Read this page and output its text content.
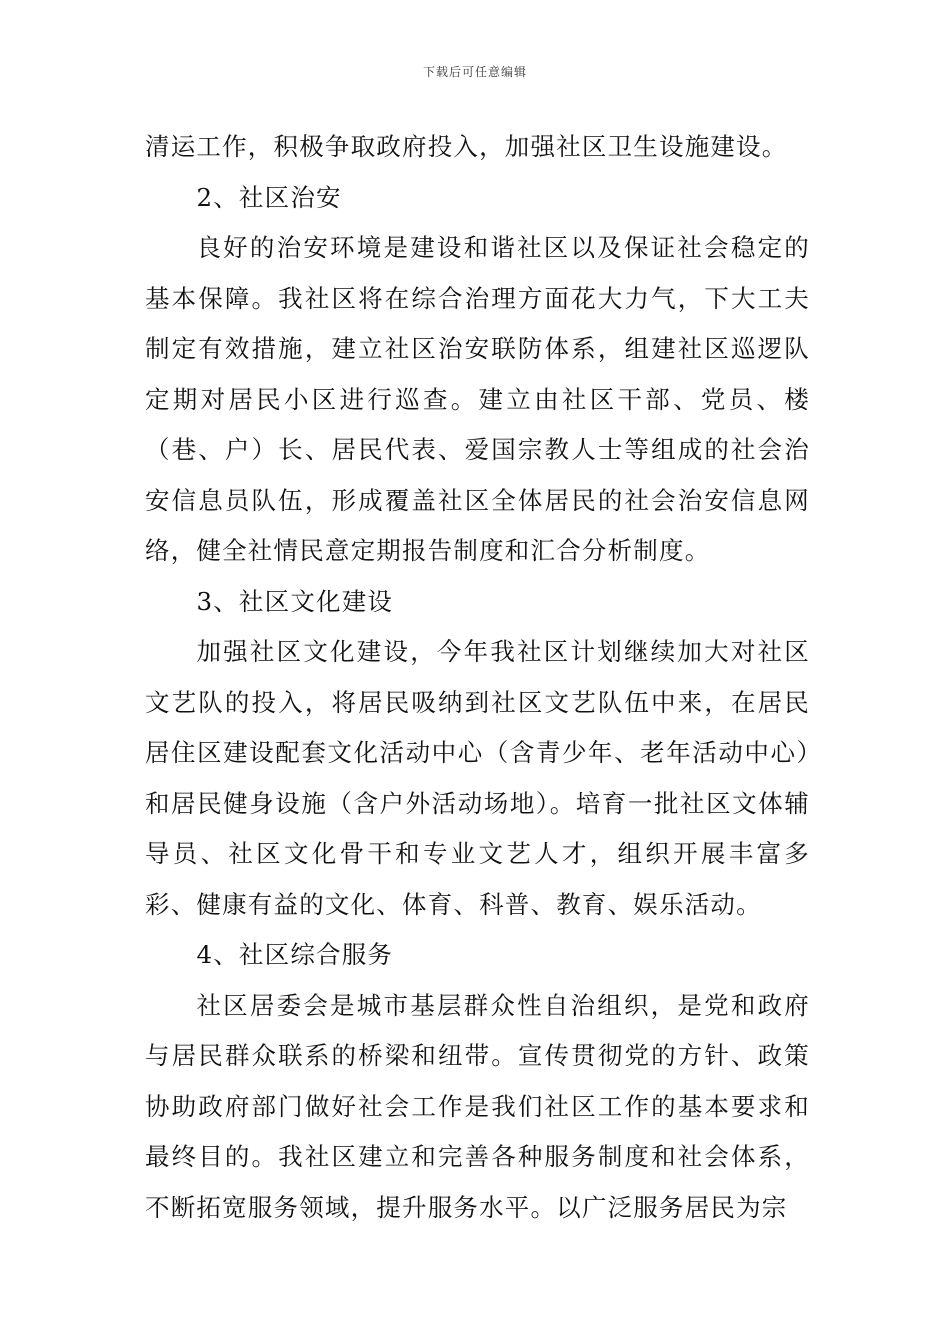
下载后可任意编辑

清运工作，积极争取政府投入，加强社区卫生设施建设。

2、社区治安

良好的治安环境是建设和谐社区以及保证社会稳定的基本保障。我社区将在综合治理方面花大力气，下大工夫制定有效措施，建立社区治安联防体系，组建社区巡逻队定期对居民小区进行巡查。建立由社区干部、党员、楼（巷、户）长、居民代表、爱国宗教人士等组成的社会治安信息员队伍，形成覆盖社区全体居民的社会治安信息网络，健全社情民意定期报告制度和汇合分析制度。

3、社区文化建设

加强社区文化建设，今年我社区计划继续加大对社区文艺队的投入，将居民吸纳到社区文艺队伍中来，在居民居住区建设配套文化活动中心（含青少年、老年活动中心）和居民健身设施（含户外活动场地）。培育一批社区文体辅导员、社区文化骨干和专业文艺人才，组织开展丰富多彩、健康有益的文化、体育、科普、教育、娱乐活动。

4、社区综合服务

社区居委会是城市基层群众性自治组织，是党和政府与居民群众联系的桥梁和纽带。宣传贯彻党的方针、政策协助政府部门做好社会工作是我们社区工作的基本要求和最终目的。我社区建立和完善各种服务制度和社会体系，不断拓宽服务领域，提升服务水平。以广泛服务居民为宗
